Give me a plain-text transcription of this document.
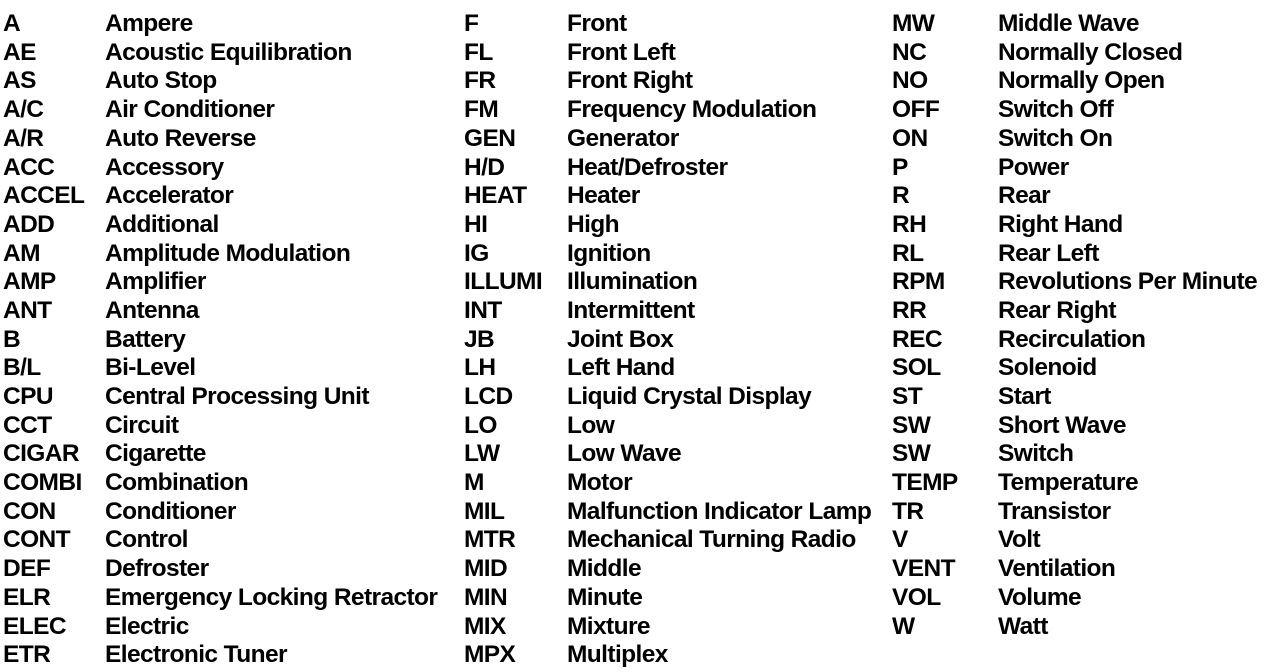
A	Ampere
AE	Acoustic Equilibration
AS	Auto Stop
A/C	Air Conditioner
A/R	Auto Reverse
ACC	Accessory
ACCEL Accelerator
ADD	Additional
AM	Amplitude Modulation
AMP	Amplifier
ANT	Antenna
B	Battery
B/L	Bi-Level
CPU	Central Processing Unit
CCT	Circuit
CIGAR	Cigarette
COMBI Combination
CON	Conditioner
CONT	Control
DEF	Defroster
ELR	Emergency Locking Retractor
ELEC	Electric
ETR	Electronic Tuner
F	Front
FL	Front Left
FR	Front Right
FM	Frequency Modulation
GEN	Generator
H/D	Heat/Defroster
HEAT	Heater
HI	High
IG	Ignition
ILLUMI	Illumination
INT	Intermittent
JB	Joint Box
LH	Left Hand
LCD	Liquid Crystal Display
LO	Low
LW	Low Wave
M	Motor
MIL	Malfunction Indicator Lamp
MTR	Mechanical Turning Radio
MID	Middle
MIN	Minute
MIX	Mixture
MPX	Multiplex
MW	Middle Wave
NC	Normally Closed
NO	Normally Open
OFF	Switch Off
ON	Switch On
P	Power
R	Rear
RH	Right Hand
RL	Rear Left
RPM	Revolutions Per Minute
RR	Rear Right
REC	Recirculation
SOL	Solenoid
ST	Start
SW	Short Wave
SW	Switch
TEMP	Temperature
TR	Transistor
V	Volt
VENT	Ventilation
VOL	Volume
W	Watt
